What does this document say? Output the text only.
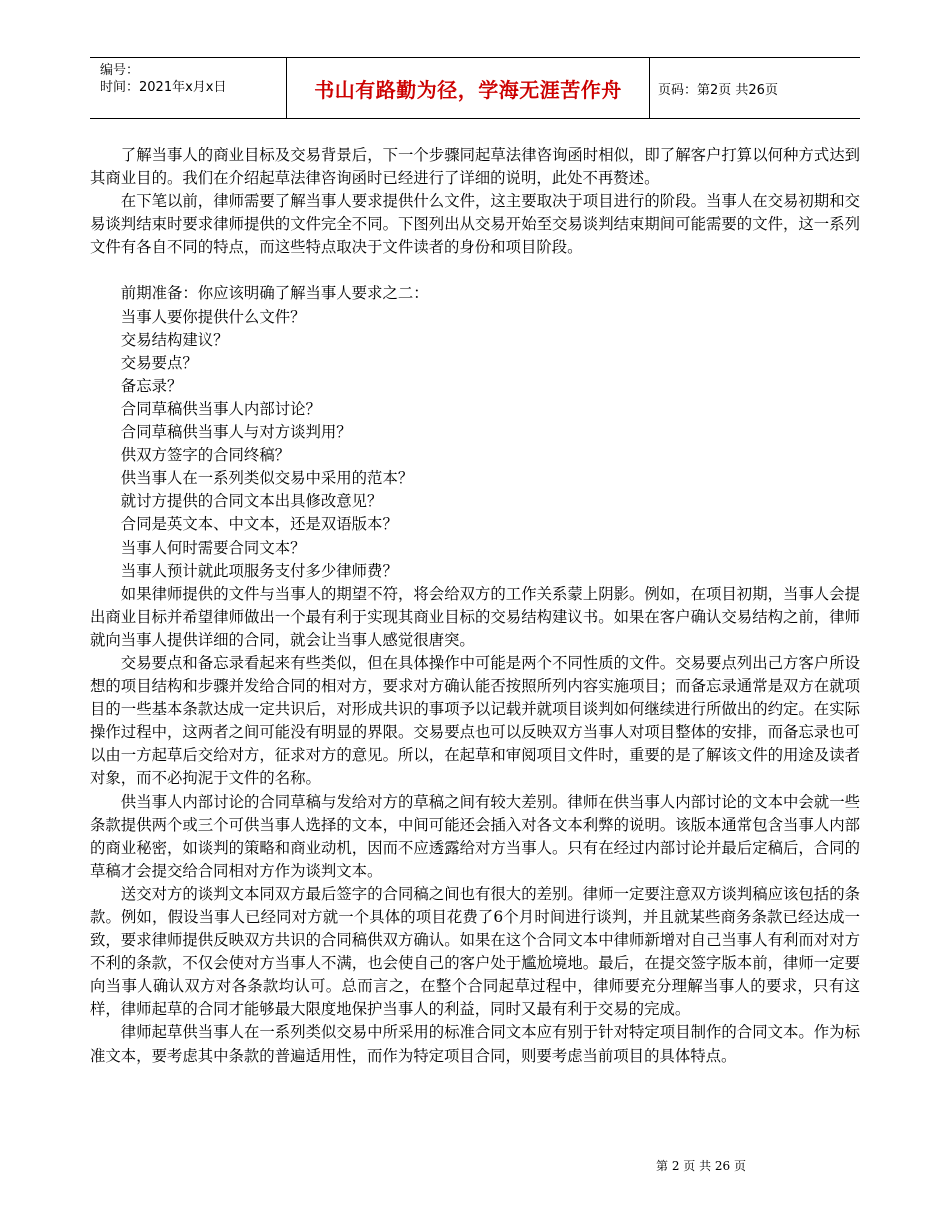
编号：
时间：2021年x月x日	书山有路勤为径，学海无涯苦作舟	页码：第2页 共26页

了解当事人的商业目标及交易背景后，下一个步骤同起草法律咨询函时相似，即了解客户打算以何种方式达到其商业目的。我们在介绍起草法律咨询函时已经进行了详细的说明，此处不再赘述。

在下笔以前，律师需要了解当事人要求提供什么文件，这主要取决于项目进行的阶段。当事人在交易初期和交易谈判结束时要求律师提供的文件完全不同。下图列出从交易开始至交易谈判结束期间可能需要的文件，这一系列文件有各自不同的特点，而这些特点取决于文件读者的身份和项目阶段。

前期准备：你应该明确了解当事人要求之二：

当事人要你提供什么文件？

交易结构建议？

交易要点？

备忘录？

合同草稿供当事人内部讨论？

合同草稿供当事人与对方谈判用？

供双方签字的合同终稿？

供当事人在一系列类似交易中采用的范本？

就讨方提供的合同文本出具修改意见？

合同是英文本、中文本，还是双语版本？

当事人何时需要合同文本？

当事人预计就此项服务支付多少律师费？

如果律师提供的文件与当事人的期望不符，将会给双方的工作关系蒙上阴影。例如，在项目初期，当事人会提出商业目标并希望律师做出一个最有利于实现其商业目标的交易结构建议书。如果在客户确认交易结构之前，律师就向当事人提供详细的合同，就会让当事人感觉很唐突。

交易要点和备忘录看起来有些类似，但在具体操作中可能是两个不同性质的文件。交易要点列出己方客户所设想的项目结构和步骤并发给合同的相对方，要求对方确认能否按照所列内容实施项目；而备忘录通常是双方在就项目的一些基本条款达成一定共识后，对形成共识的事项予以记载并就项目谈判如何继续进行所做出的约定。在实际操作过程中，这两者之间可能没有明显的界限。交易要点也可以反映双方当事人对项目整体的安排，而备忘录也可以由一方起草后交给对方，征求对方的意见。所以，在起草和审阅项目文件时，重要的是了解该文件的用途及读者对象，而不必拘泥于文件的名称。

供当事人内部讨论的合同草稿与发给对方的草稿之间有较大差别。律师在供当事人内部讨论的文本中会就一些条款提供两个或三个可供当事人选择的文本，中间可能还会插入对各文本利弊的说明。该版本通常包含当事人内部的商业秘密，如谈判的策略和商业动机，因而不应透露给对方当事人。只有在经过内部讨论并最后定稿后，合同的草稿才会提交给合同相对方作为谈判文本。

送交对方的谈判文本同双方最后签字的合同稿之间也有很大的差别。律师一定要注意双方谈判稿应该包括的条款。例如，假设当事人已经同对方就一个具体的项目花费了6个月时间进行谈判，并且就某些商务条款已经达成一致，要求律师提供反映双方共识的合同稿供双方确认。如果在这个合同文本中律师新增对自己当事人有利而对对方不利的条款，不仅会使对方当事人不满，也会使自己的客户处于尴尬境地。最后，在提交签字版本前，律师一定要向当事人确认双方对各条款均认可。总而言之，在整个合同起草过程中，律师要充分理解当事人的要求，只有这样，律师起草的合同才能够最大限度地保护当事人的利益，同时又最有利于交易的完成。

律师起草供当事人在一系列类似交易中所采用的标准合同文本应有别于针对特定项目制作的合同文本。作为标准文本，要考虑其中条款的普遍适用性，而作为特定项目合同，则要考虑当前项目的具体特点。

第 2 页 共 26 页
